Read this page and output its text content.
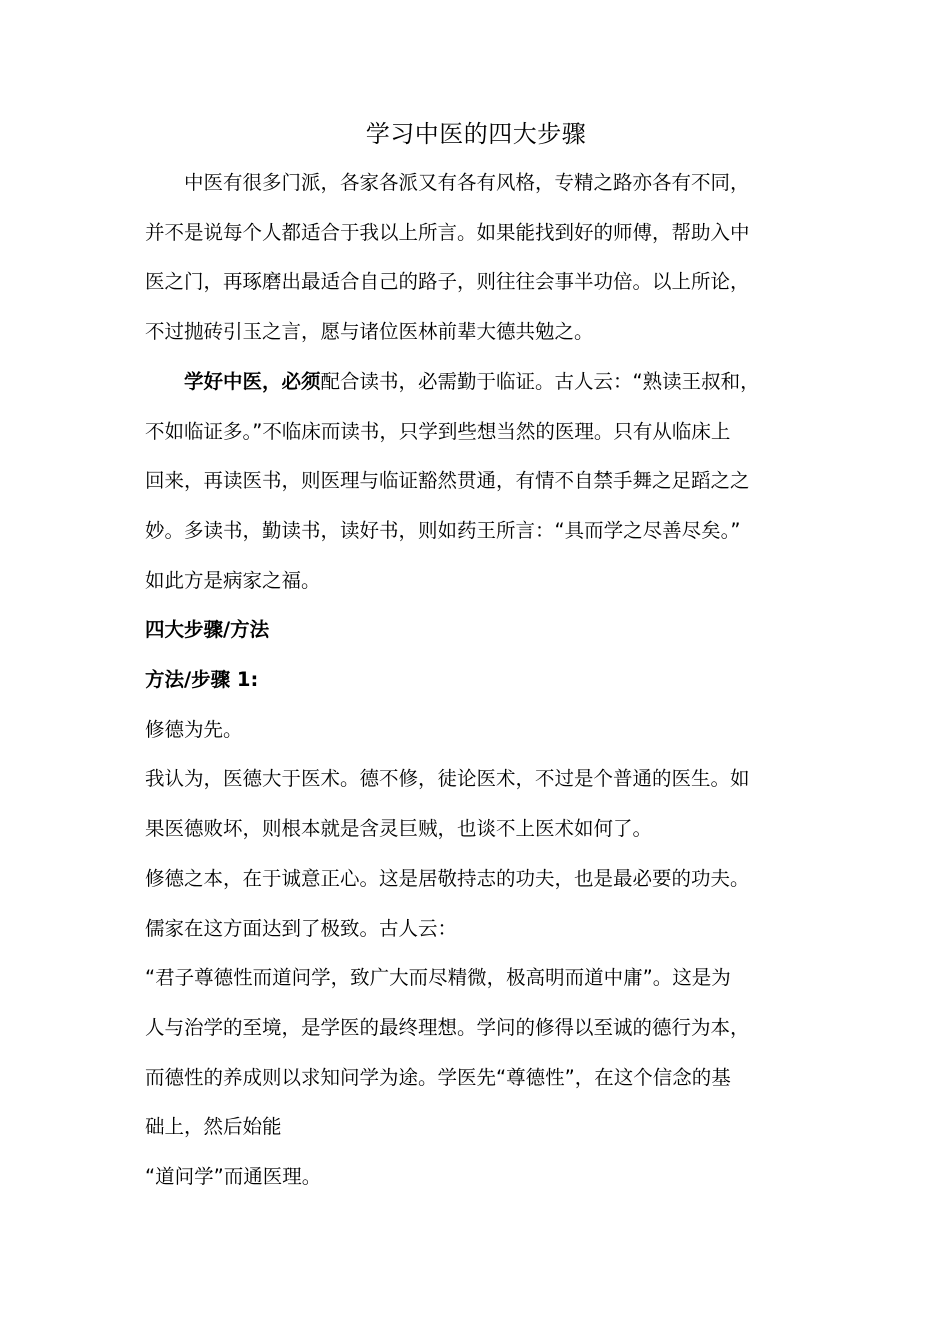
学习中医的四大步骤

中医有很多门派，各家各派又有各有风格，专精之路亦各有不同，
并不是说每个人都适合于我以上所言。如果能找到好的师傅，帮助入中
医之门，再琢磨出最适合自己的路子，则往往会事半功倍。以上所论，
不过抛砖引玉之言，愿与诸位医林前辈大德共勉之。

学好中医，必须配合读书，必需勤于临证。古人云：“熟读王叔和，
不如临证多。”不临床而读书，只学到些想当然的医理。只有从临床上
回来，再读医书，则医理与临证豁然贯通，有情不自禁手舞之足蹈之之
妙。多读书，勤读书，读好书，则如药王所言：“具而学之尽善尽矣。”
如此方是病家之福。

四大步骤/方法

方法/步骤 1:

修德为先。

我认为，医德大于医术。德不修，徒论医术，不过是个普通的医生。如
果医德败坏，则根本就是含灵巨贼，也谈不上医术如何了。

修德之本，在于诚意正心。这是居敬持志的功夫，也是最必要的功夫。
儒家在这方面达到了极致。古人云：

“君子尊德性而道问学，致广大而尽精微，极高明而道中庸”。这是为
人与治学的至境，是学医的最终理想。学问的修得以至诚的德行为本，
而德性的养成则以求知问学为途。学医先“尊德性”，在这个信念的基
础上，然后始能

“道问学”而通医理。
